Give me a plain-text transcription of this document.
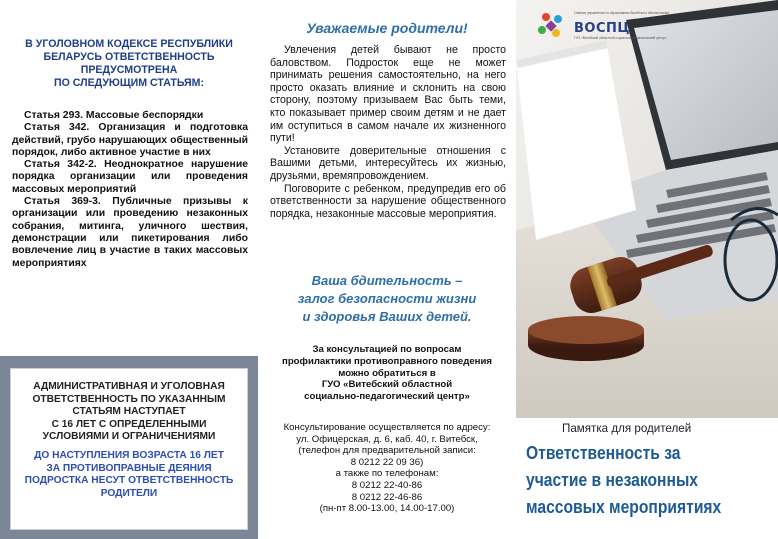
В УГОЛОВНОМ КОДЕКСЕ РЕСПУБЛИКИ
БЕЛАРУСЬ ОТВЕТСТВЕННОСТЬ
ПРЕДУСМОТРЕНА
ПО СЛЕДУЮЩИМ СТАТЬЯМ:

Статья 293. Массовые беспорядки

Статья 342. Организация и подготовка действий, грубо нарушающих общественный порядок, либо активное участие в них

Статья 342-2. Неоднократное нарушение порядка организации или проведения массовых мероприятий

Статья 369-3. Публичные призывы к организации или проведению незаконных собрания, митинга, уличного шествия, демонстрации или пикетирования либо вовлечение лиц в участие в таких массовых мероприятиях

АДМИНИСТРАТИВНАЯ И УГОЛОВНАЯ
ОТВЕТСТВЕННОСТЬ ПО УКАЗАННЫМ
СТАТЬЯМ НАСТУПАЕТ
С 16 ЛЕТ С ОПРЕДЕЛЕННЫМИ
УСЛОВИЯМИ И ОГРАНИЧЕНИЯМИ
ДО НАСТУПЛЕНИЯ ВОЗРАСТА 16 ЛЕТ
ЗА ПРОТИВОПРАВНЫЕ ДЕЯНИЯ
ПОДРОСТКА НЕСУТ ОТВЕТСТВЕННОСТЬ
РОДИТЕЛИ
Уважаемые родители!

Увлечения детей бывают не просто баловством. Подросток еще не может принимать решения самостоятельно, на него просто оказать влияние и склонить на свою сторону, поэтому призываем Вас быть теми, кто показывает пример своим детям и не дает им оступиться в самом начале их жизненного пути!

Установите доверительные отношения с Вашими детьми, интересуйтесь их жизнью, друзьями, времяпровождением.

Поговорите с ребенком, предупредив его об ответственности за нарушение общественного порядка, незаконные массовые мероприятия.

Ваша бдительность –
залог безопасности жизни
и здоровья Ваших детей.
За консультацией по вопросам
профилактики противоправного поведения
можно обратиться в
ГУО «Витебский областной
социально-педагогический центр»
Консультирование осуществляется по адресу:
ул. Офицерская, д. 6, каб. 40, г. Витебск,
(телефон для предварительной записи:
8 0212 22 09 36)
а также по телефонам:
8 0212 22-40-86
8 0212 22-46-86
(пн-пт 8.00-13.00, 14.00-17.00)
Главное управление по образованию Витебского облисполкома
ВОСПЦ
ГУО «Витебский областной социально-педагогический центр»
Памятка для родителей
Ответственность за
участие в незаконных
массовых мероприятиях
